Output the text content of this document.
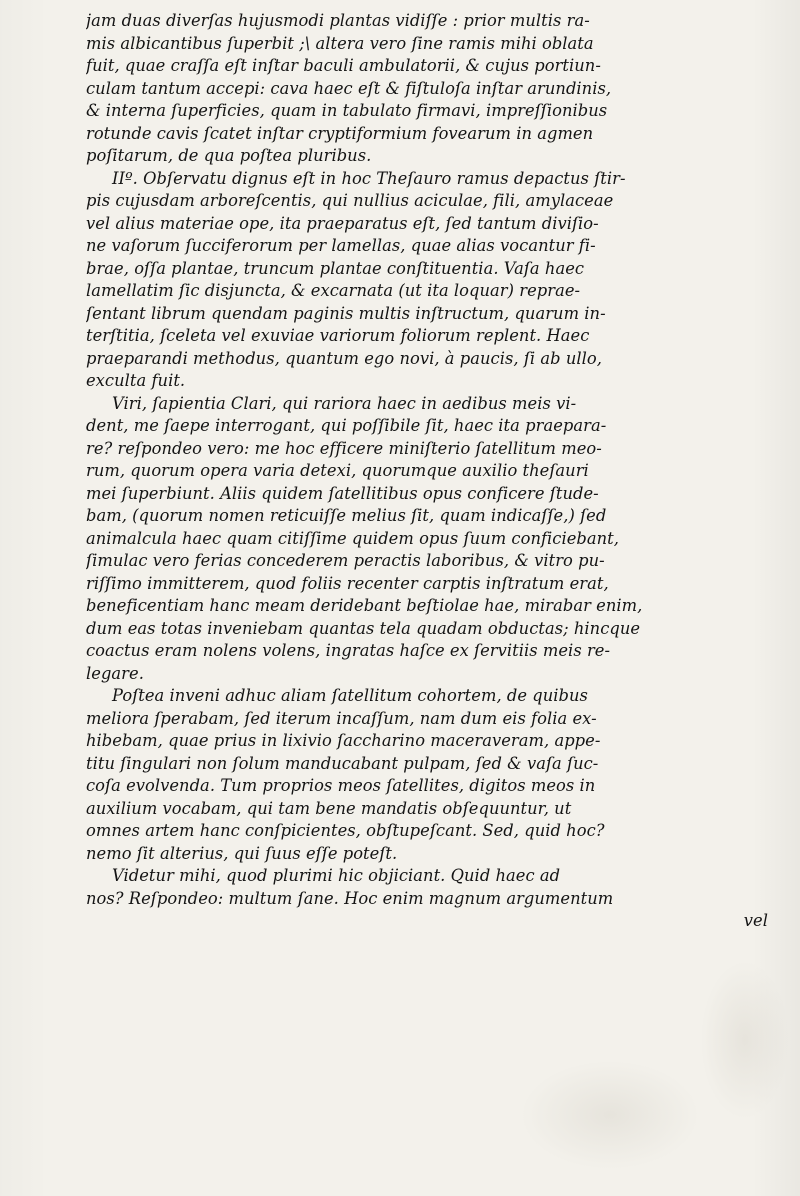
jam duas diverſas hujusmodi plantas vidiſſe : prior multis ra-
mis albicantibus ſuperbit ;\ altera vero ſine ramis mihi oblata
fuit, quae craſſa eſt inſtar baculi ambulatorii, & cujus portiun-
culam tantum accepi: cava haec eſt & fiſtuloſa inſtar arundinis,
& interna ſuperficies, quam in tabulato firmavi, impreſſionibus
rotunde cavis ſcatet inſtar cryptiformium fovearum in agmen
poſitarum, de qua poſtea pluribus.
IIº. Obſervatu dignus eſt in hoc Theſauro ramus depactus ſtir-
pis cujusdam arboreſcentis, qui nullius aciculae, fili, amylaceae
vel alius materiae ope, ita praeparatus eſt, ſed tantum diviſio-
ne vaſorum ſucciferorum per lamellas, quae alias vocantur fi-
brae, oſſa plantae, truncum plantae conſtituentia. Vaſa haec
lamellatim ſic disjuncta, & excarnata (ut ita loquar) reprae-
ſentant librum quendam paginis multis inſtructum, quarum in-
terſtitia, ſceleta vel exuviae variorum foliorum replent. Haec
praeparandi methodus, quantum ego novi, à paucis, ſi ab ullo,
exculta fuit.
Viri, ſapientia Clari, qui rariora haec in aedibus meis vi-
dent, me ſaepe interrogant, qui poſſibile ſit, haec ita praepara-
re? reſpondeo vero: me hoc efficere miniſterio ſatellitum meo-
rum, quorum opera varia detexi, quorumque auxilio theſauri
mei ſuperbiunt. Aliis quidem ſatellitibus opus conficere ſtude-
bam, (quorum nomen reticuiſſe melius ſit, quam indicaſſe,) ſed
animalcula haec quam citiſſime quidem opus ſuum conficiebant,
ſimulac vero ferias concederem peractis laboribus, & vitro pu-
riſſimo immitterem, quod foliis recenter carptis inſtratum erat,
beneficentiam hanc meam deridebant beſtiolae hae, mirabar enim,
dum eas totas inveniebam quantas tela quadam obductas; hincque
coactus eram nolens volens, ingratas haſce ex ſervitiis meis re-
legare.
Poſtea inveni adhuc aliam ſatellitum cohortem, de quibus
meliora ſperabam, ſed iterum incaſſum, nam dum eis folia ex-
hibebam, quae prius in lixivio ſaccharino maceraveram, appe-
titu ſingulari non ſolum manducabant pulpam, ſed & vaſa ſuc-
coſa evolvenda. Tum proprios meos ſatellites, digitos meos in
auxilium vocabam, qui tam bene mandatis obſequuntur, ut
omnes artem hanc conſpicientes, obſtupeſcant. Sed, quid hoc?
nemo ſit alterius, qui ſuus eſſe poteſt.
Videtur mihi, quod plurimi hic objiciant. Quid haec ad
nos? Reſpondeo: multum ſane. Hoc enim magnum argumentum
vel
